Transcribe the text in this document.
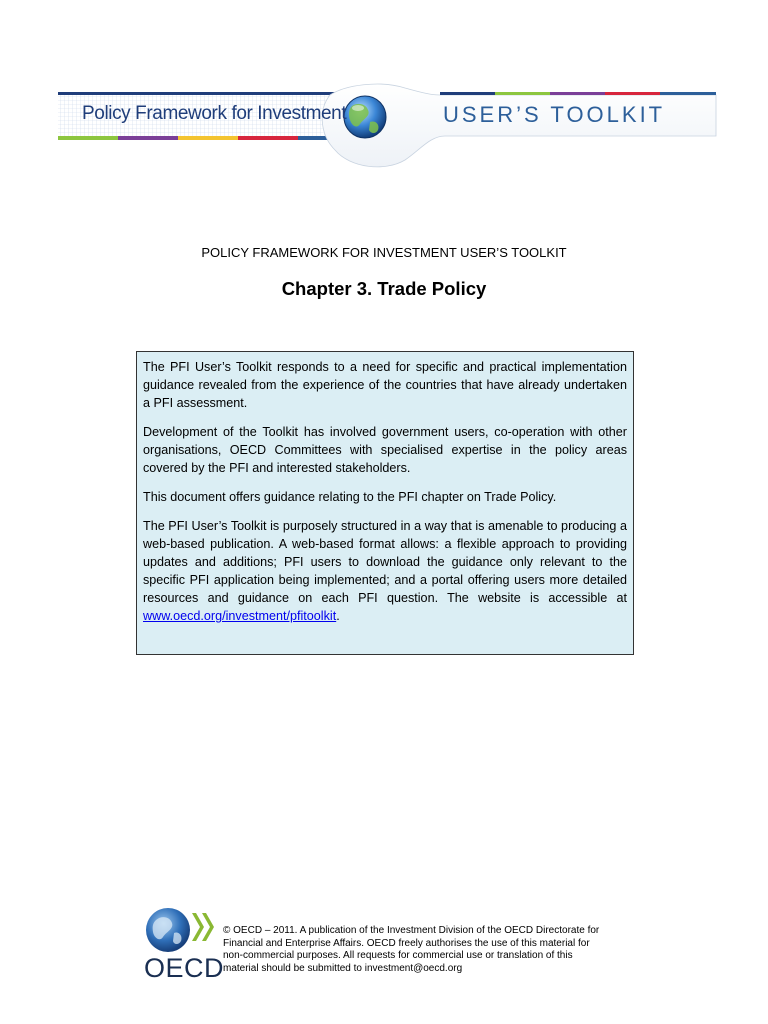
Policy Framework for Investment	USER’S TOOLKIT
POLICY FRAMEWORK FOR INVESTMENT USER’S TOOLKIT
Chapter 3. Trade Policy

The PFI User’s Toolkit responds to a need for specific and practical implementation guidance revealed from the experience of the countries that have already undertaken a PFI assessment.

Development of the Toolkit has involved government users, co-operation with other organisations, OECD Committees with specialised expertise in the policy areas covered by the PFI and interested stakeholders.

This document offers guidance relating to the PFI chapter on Trade Policy.

The PFI User’s Toolkit is purposely structured in a way that is amenable to producing a web-based publication. A web-based format allows: a flexible approach to providing updates and additions; PFI users to download the guidance only relevant to the specific PFI application being implemented; and a portal offering users more detailed resources and guidance on each PFI question. The website is accessible at www.oecd.org/investment/pfitoolkit.

OECD
© OECD – 2011. A publication of the Investment Division of the OECD Directorate for Financial and Enterprise Affairs. OECD freely authorises the use of this material for non-commercial purposes. All requests for commercial use or translation of this material should be submitted to investment@oecd.org
